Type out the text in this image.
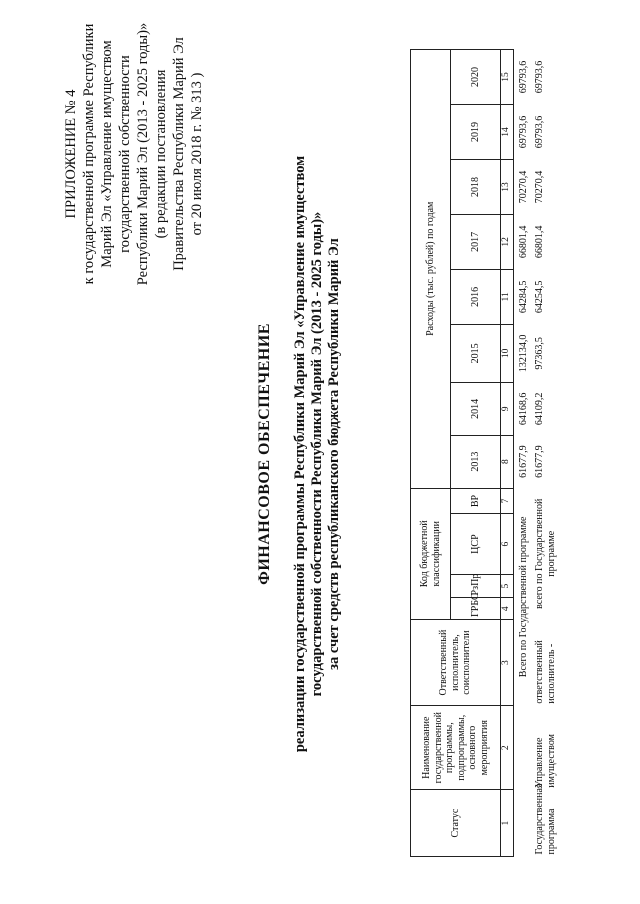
ПРИЛОЖЕНИЕ № 4 к государственной программе Республики Марий Эл «Управление имуществом государственной собственности Республики Марий Эл (2013 - 2025 годы)» (в редакции постановления Правительства Республики Марий Эл от 20 июля 2018 г. № 313 )
ФИНАНСОВОЕ ОБЕСПЕЧЕНИЕ реализации государственной программы Республики Марий Эл «Управление имуществом государственной собственности Республики Марий Эл (2013 - 2025 годы)» за счет средств республиканского бюджета Республики Марий Эл
Статус	Наименование государственной программы, подпрограммы, основного мероприятия	Ответственный исполнитель, соисполнители	Код бюджетной классификации				Расходы (тыс. рублей) по годам							
			ГРБС	РзПр	ЦСР	ВР	2013	2014	2015	2016	2017	2018	2019	2020
1	2	3	4	5	6	7	8	9	10	11	12	13	14	15
		Всего по Государственной программе					61677,9	64168,6	132134,0	64284,5	66801,4	70270,4	69793,6	69793,6
Государственная программа	Управление имуществом	ответственный исполнитель -	всего по Государственной программе				61677,9	64109,2	97363,5	64254,5	66801,4	70270,4	69793,6	69793,6
